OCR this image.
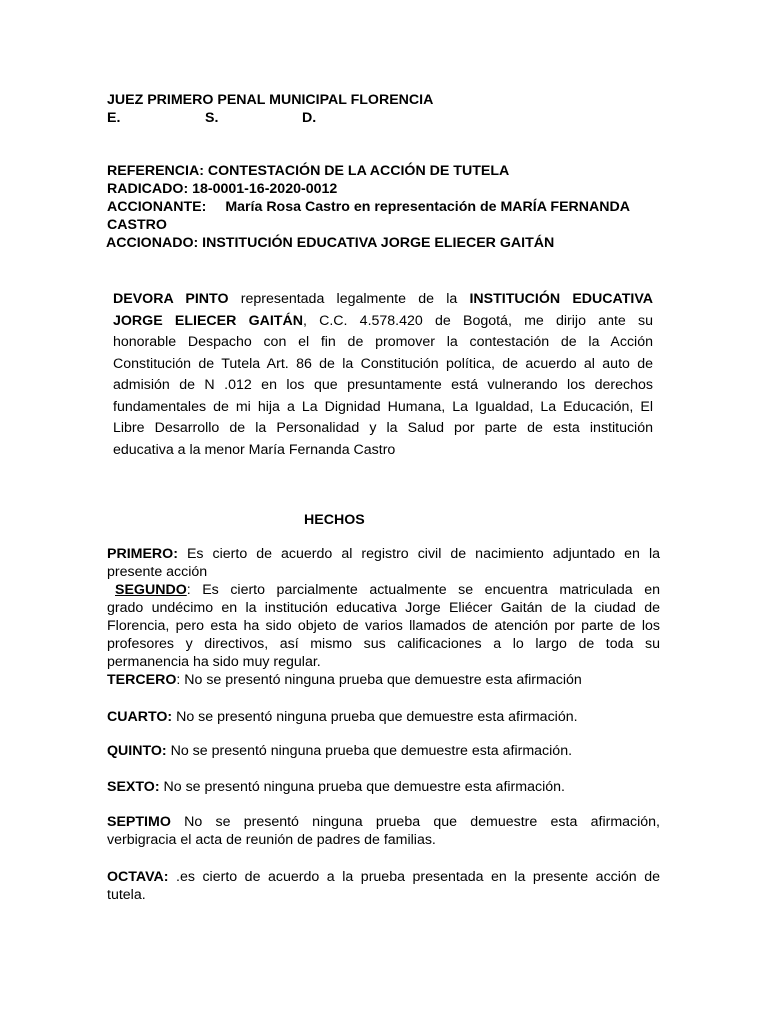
JUEZ PRIMERO PENAL MUNICIPAL FLORENCIA
E.	S.	D.
REFERENCIA: CONTESTACIÓN DE LA ACCIÓN DE TUTELA
RADICADO: 18-0001-16-2020-0012
ACCIONANTE: María Rosa Castro en representación de MARÍA FERNANDA
CASTRO
ACCIONADO: INSTITUCIÓN EDUCATIVA JORGE ELIECER GAITÁN
DEVORA PINTO representada legalmente de la INSTITUCIÓN EDUCATIVA
JORGE ELIECER GAITÁN, C.C. 4.578.420 de Bogotá, me dirijo ante su
honorable Despacho con el fin de promover la contestación de la Acción
Constitución de Tutela Art. 86 de la Constitución política, de acuerdo al auto de
admisión de N .012 en los que presuntamente está vulnerando los derechos
fundamentales de mi hija a La Dignidad Humana, La Igualdad, La Educación, El
Libre Desarrollo de la Personalidad y la Salud por parte de esta institución
educativa a la menor María Fernanda Castro
HECHOS
PRIMERO: Es cierto de acuerdo al registro civil de nacimiento adjuntado en la
presente acción
SEGUNDO: Es cierto parcialmente actualmente se encuentra matriculada en
grado undécimo en la institución educativa Jorge Eliécer Gaitán de la ciudad de
Florencia, pero esta ha sido objeto de varios llamados de atención por parte de los
profesores y directivos, así mismo sus calificaciones a lo largo de toda su
permanencia ha sido muy regular.
TERCERO: No se presentó ninguna prueba que demuestre esta afirmación
CUARTO: No se presentó ninguna prueba que demuestre esta afirmación.
QUINTO: No se presentó ninguna prueba que demuestre esta afirmación.
SEXTO: No se presentó ninguna prueba que demuestre esta afirmación.
SEPTIMO No se presentó ninguna prueba que demuestre esta afirmación,
verbigracia el acta de reunión de padres de familias.
OCTAVA: .es cierto de acuerdo a la prueba presentada en la presente acción de
tutela.
